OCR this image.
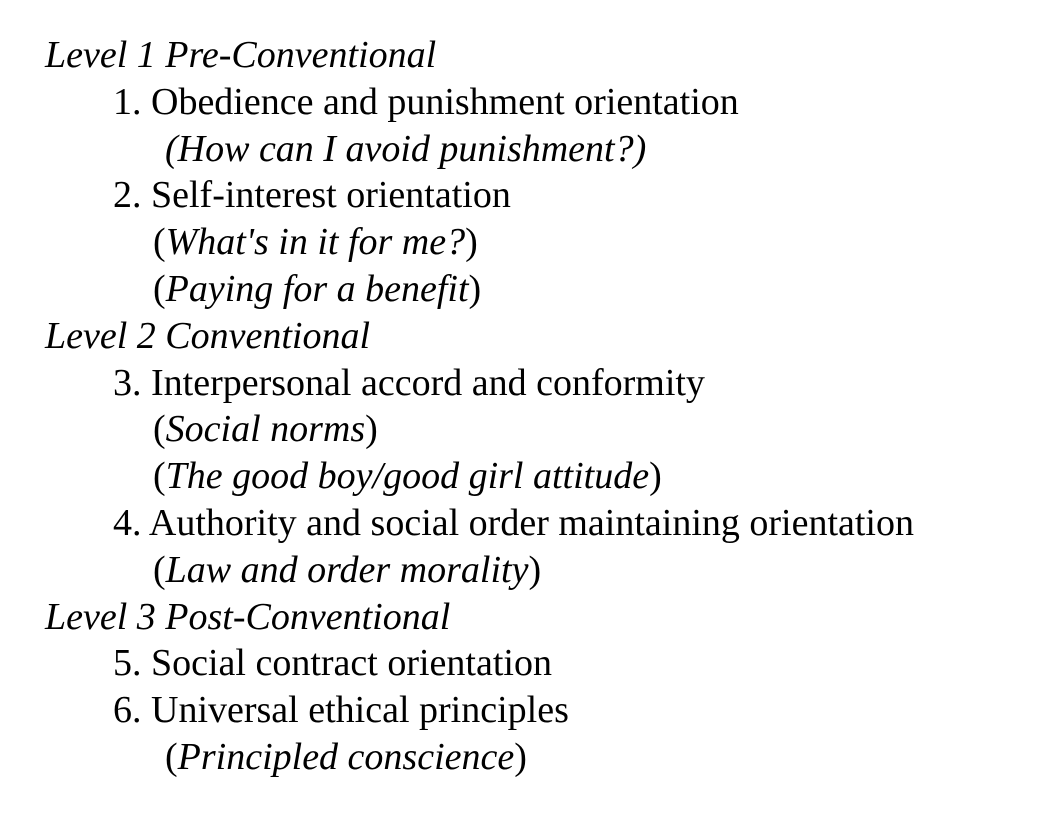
Level 1 Pre-Conventional
1. Obedience and punishment orientation
(How can I avoid punishment?)
2. Self-interest orientation
(What's in it for me?)
(Paying for a benefit)
Level 2 Conventional
3. Interpersonal accord and conformity
(Social norms)
(The good boy/good girl attitude)
4. Authority and social order maintaining orientation
(Law and order morality)
Level 3 Post-Conventional
5. Social contract orientation
6. Universal ethical principles
(Principled conscience)
